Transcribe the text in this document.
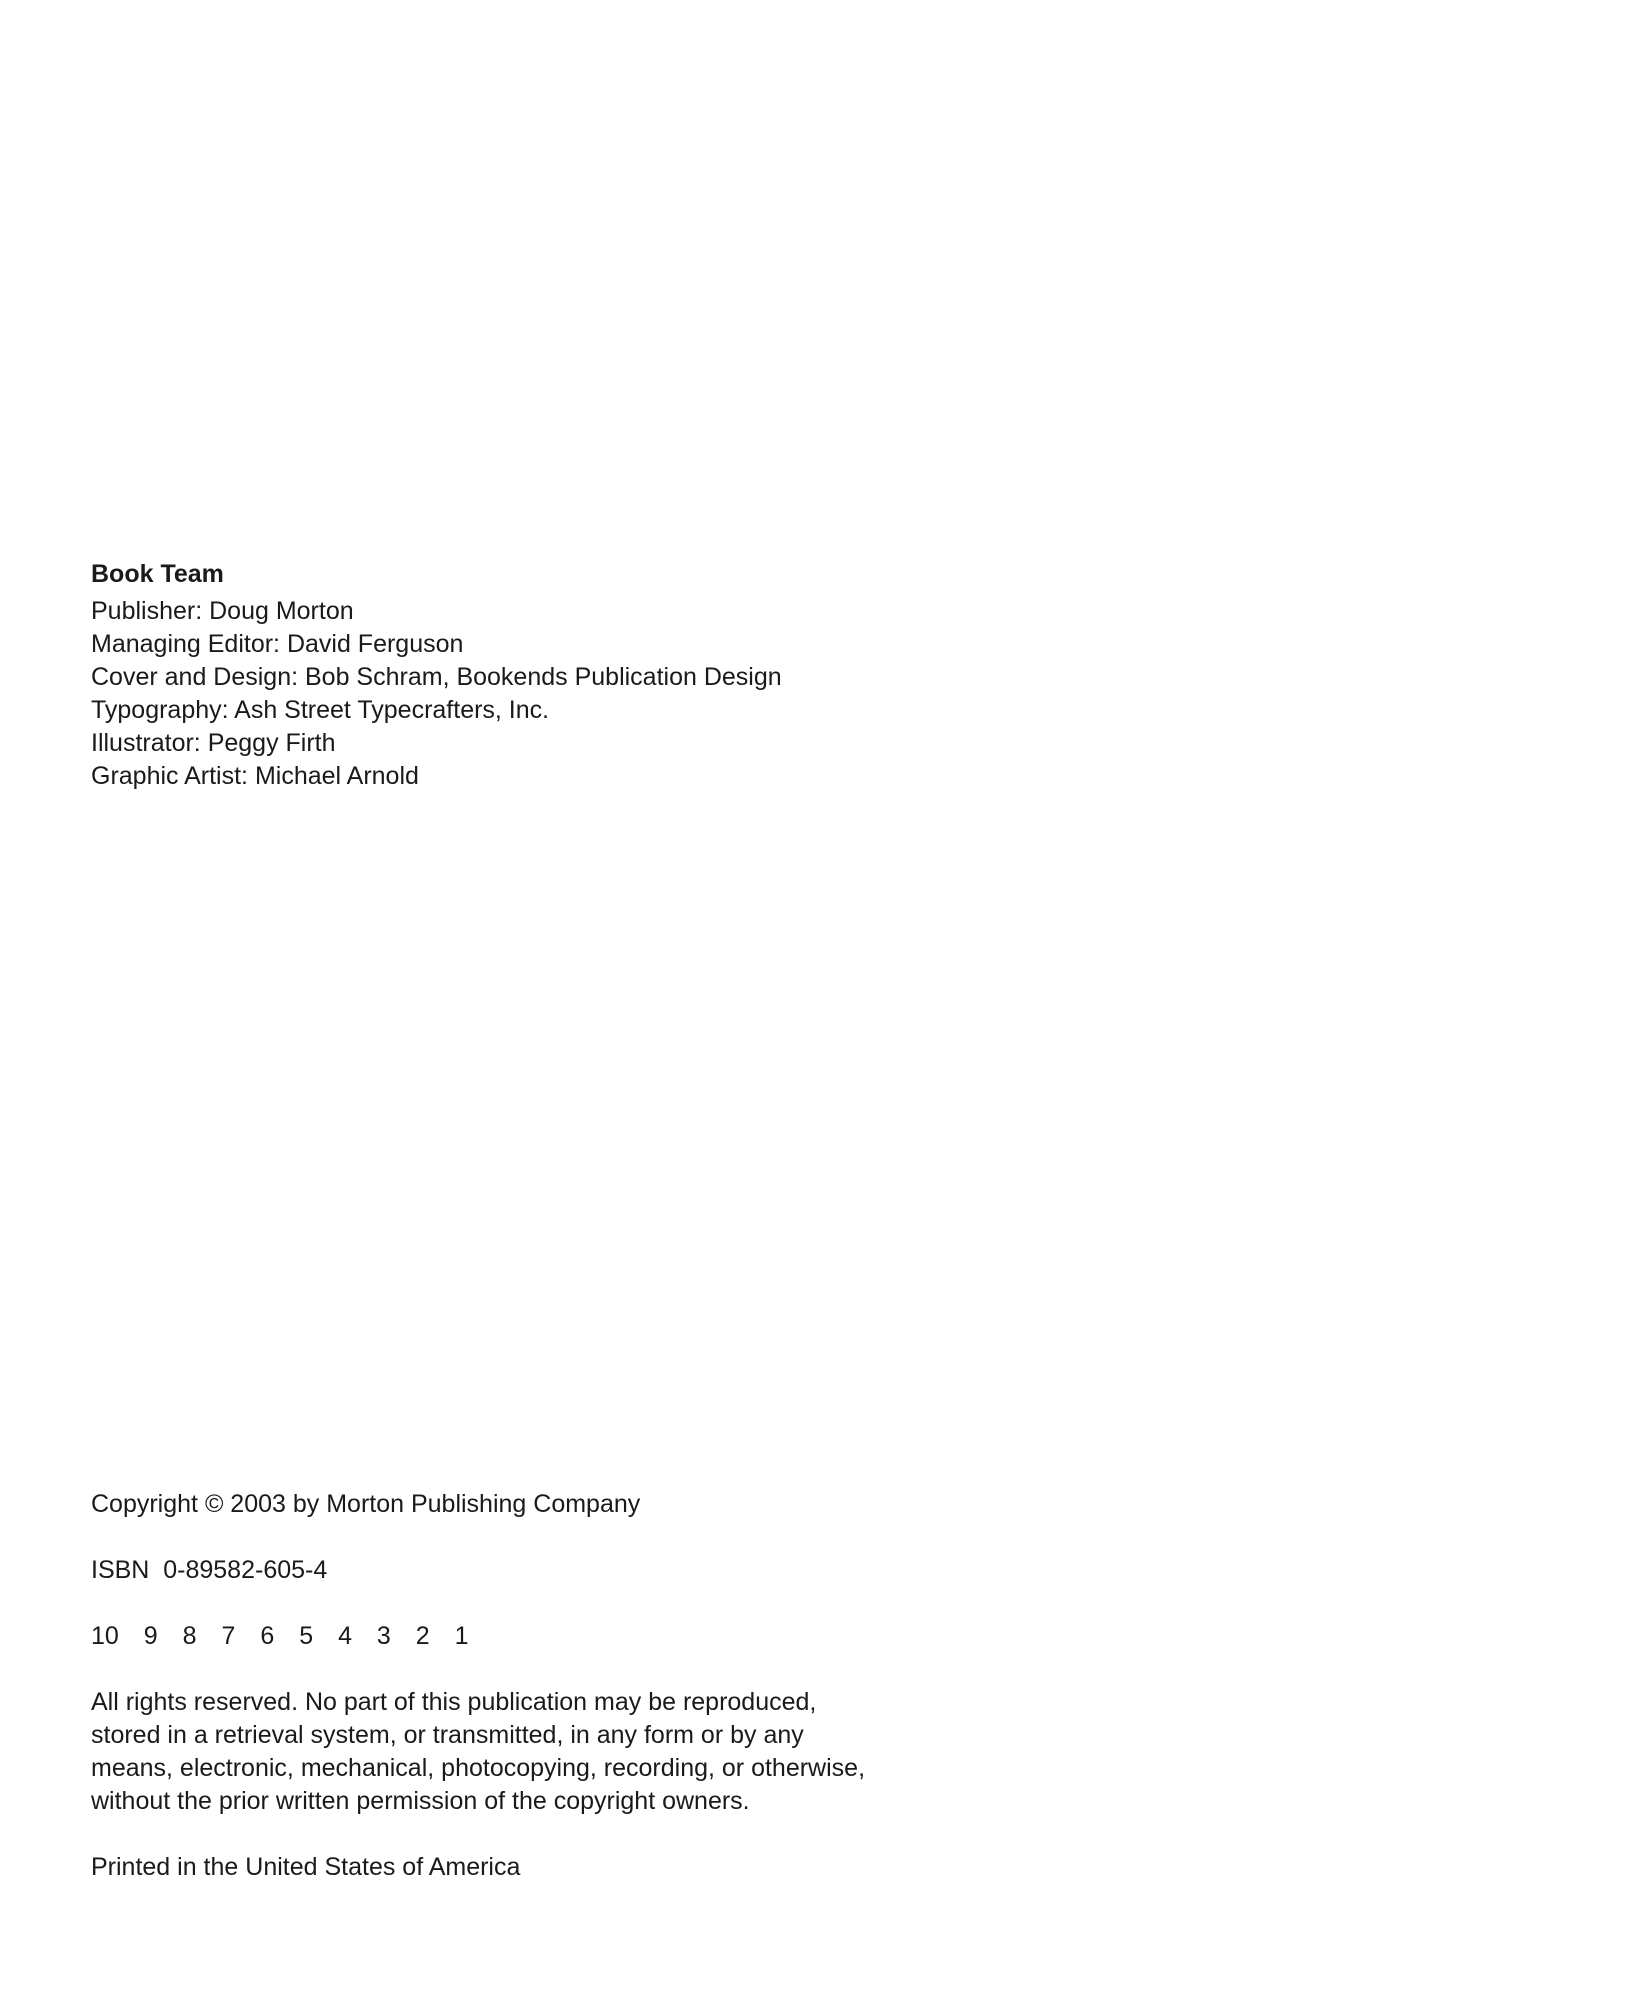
Book Team
Publisher: Doug Morton
Managing Editor: David Ferguson
Cover and Design: Bob Schram, Bookends Publication Design
Typography: Ash Street Typecrafters, Inc.
Illustrator: Peggy Firth
Graphic Artist: Michael Arnold
Copyright © 2003 by Morton Publishing Company
ISBN  0-89582-605-4
10 9 8 7 6 5 4 3 2 1
All rights reserved. No part of this publication may be reproduced,
stored in a retrieval system, or transmitted, in any form or by any
means, electronic, mechanical, photocopying, recording, or otherwise,
without the prior written permission of the copyright owners.
Printed in the United States of America
